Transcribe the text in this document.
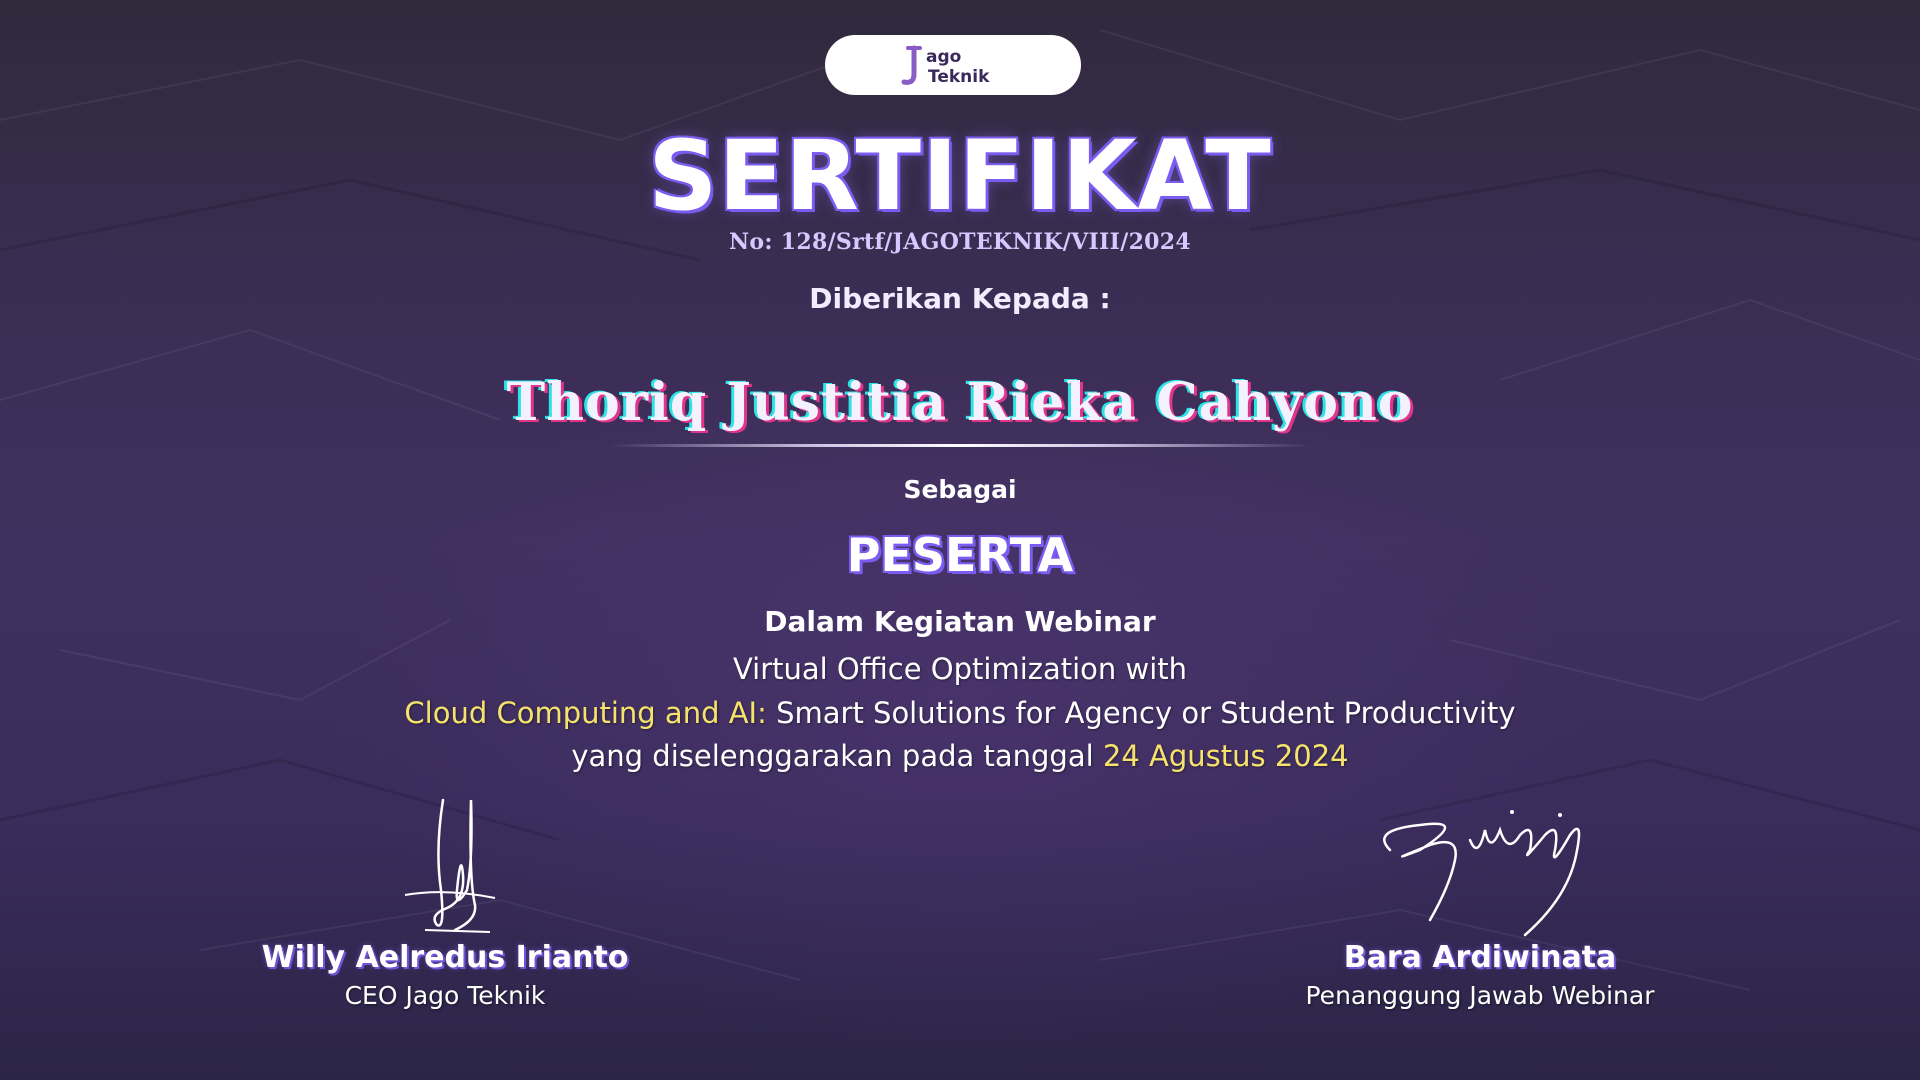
ago
Teknik
SERTIFIKAT
No: 128/Srtf/JAGOTEKNIK/VIII/2024
Diberikan Kepada :
Thoriq Justitia Rieka Cahyono
Sebagai
PESERTA
Dalam Kegiatan Webinar
Virtual Office Optimization with
Cloud Computing and AI: Smart Solutions for Agency or Student Productivity
yang diselenggarakan pada tanggal 24 Agustus 2024
Willy Aelredus Irianto
CEO Jago Teknik
Bara Ardiwinata
Penanggung Jawab Webinar
